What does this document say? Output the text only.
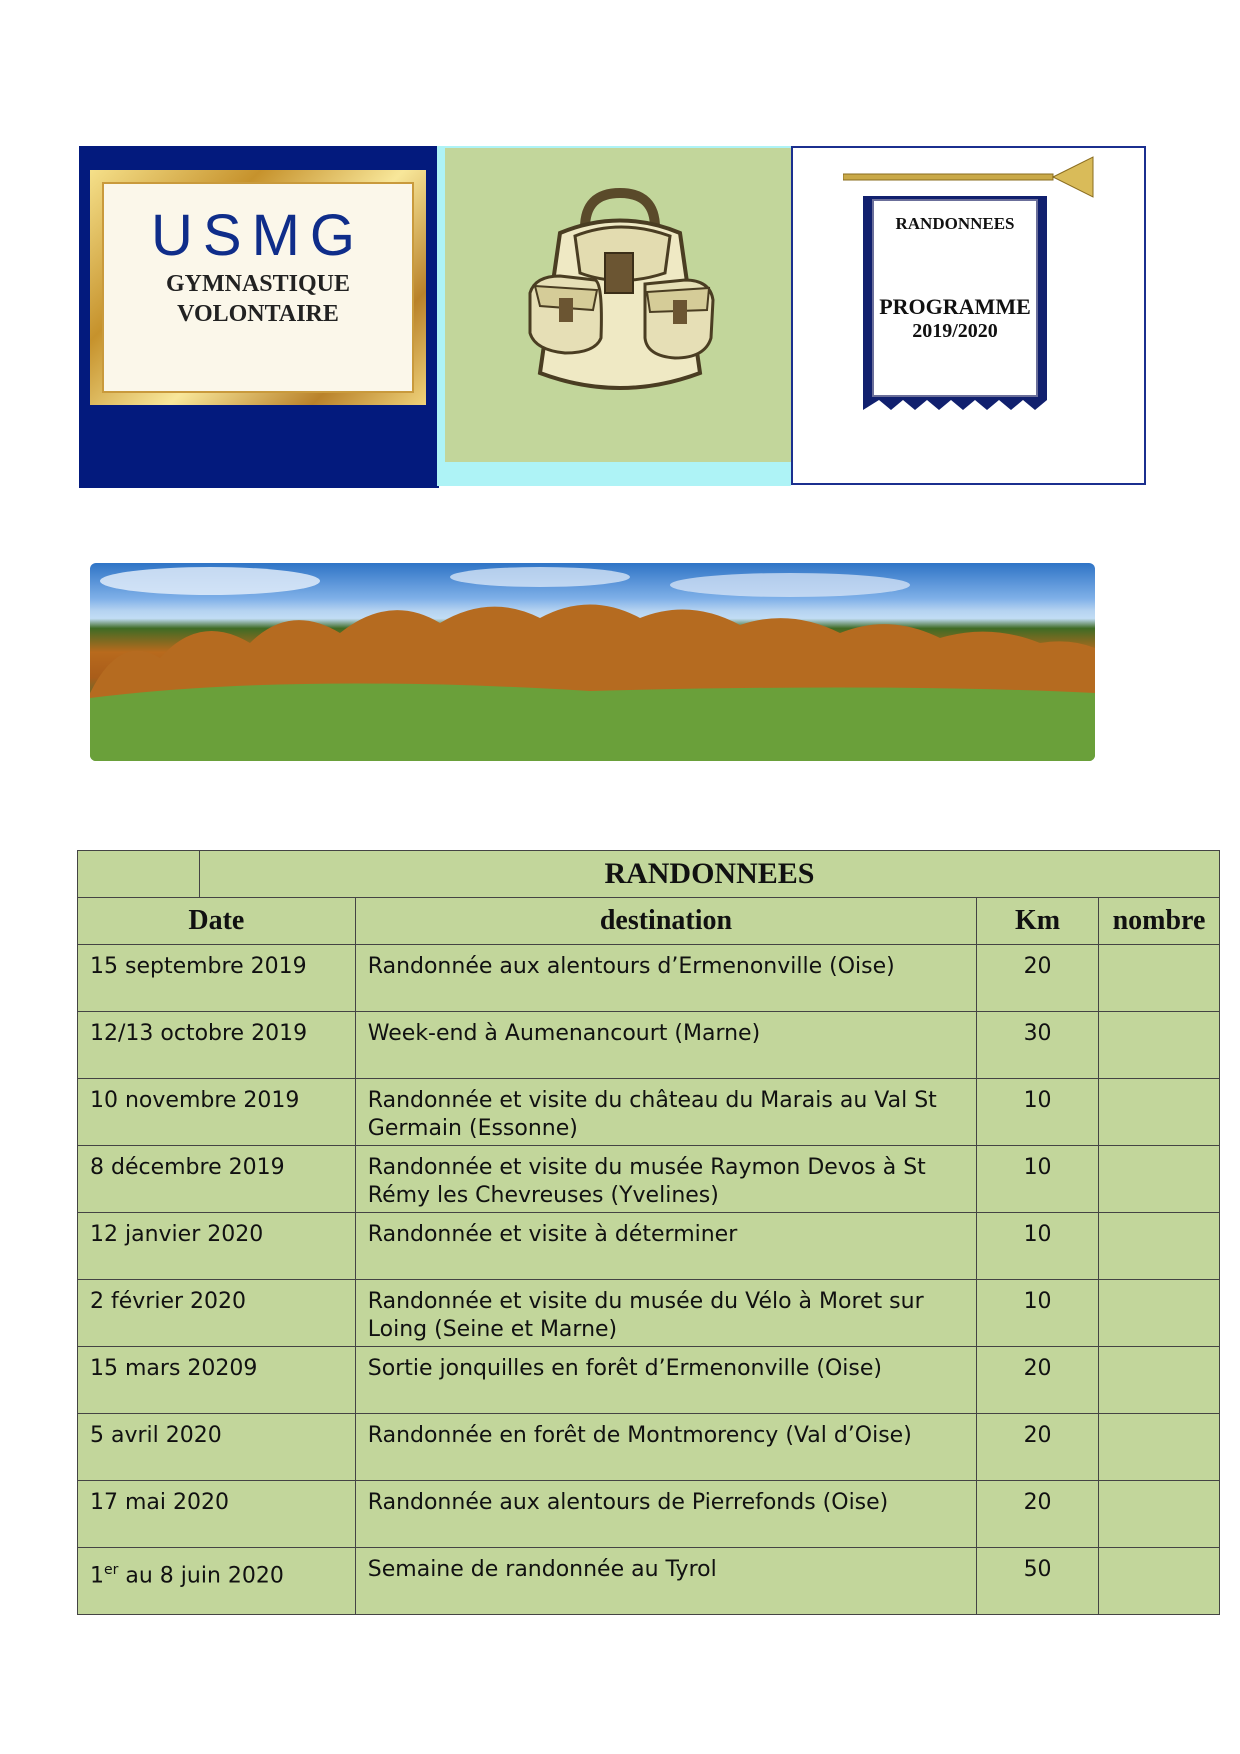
USMG
GYMNASTIQUE
VOLONTAIRE
RANDONNEES
PROGRAMME
2019/2020
	RANDONNEES			
Date		destination	Km	nombre
15 septembre 2019		Randonnée aux alentours d’Ermenonville (Oise)	20	
12/13 octobre 2019		Week-end à Aumenancourt (Marne)	30	
10 novembre 2019		Randonnée et visite du château du Marais au Val St Germain (Essonne)	10	
8 décembre 2019		Randonnée et visite du musée Raymon Devos à St Rémy les Chevreuses (Yvelines)	10	
12 janvier 2020		Randonnée et visite à déterminer	10	
2 février 2020		Randonnée et visite du musée du Vélo à Moret sur Loing (Seine et Marne)	10	
15 mars 20209		Sortie jonquilles en forêt d’Ermenonville (Oise)	20	
5 avril 2020		Randonnée en forêt de Montmorency (Val d’Oise)	20	
17 mai 2020		Randonnée aux alentours de Pierrefonds (Oise)	20	
1er au 8 juin 2020		Semaine de randonnée au Tyrol	50	
